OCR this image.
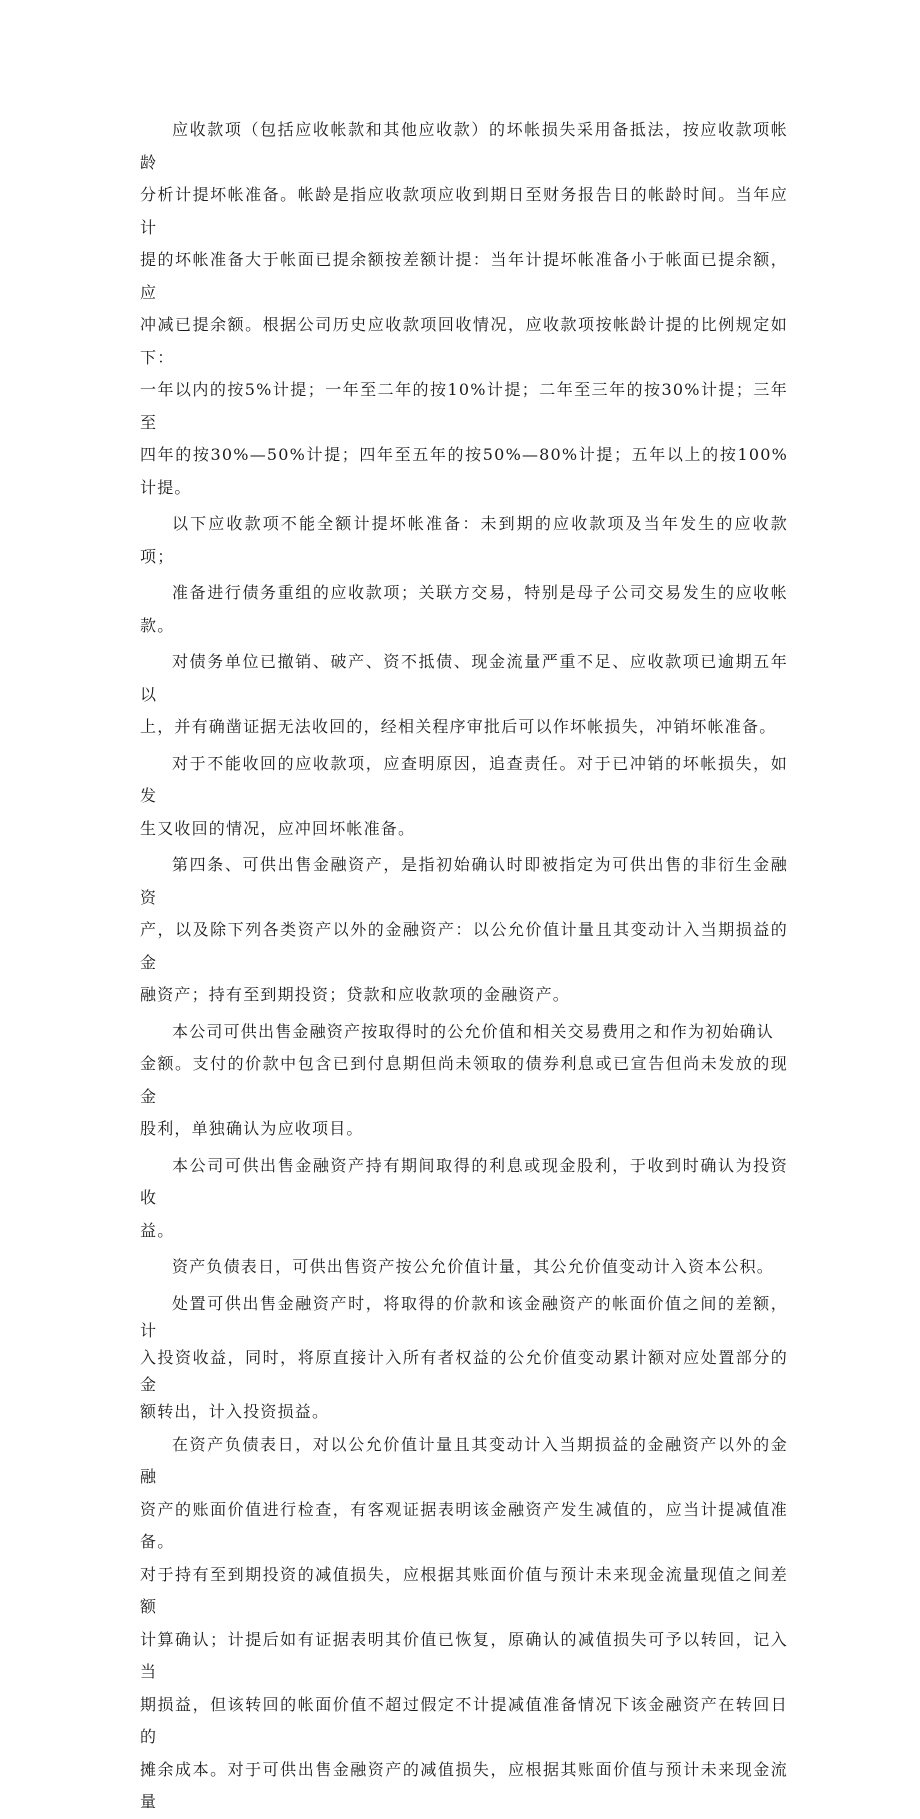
应收款项（包括应收帐款和其他应收款）的坏帐损失采用备抵法，按应收款项帐龄
分析计提坏帐准备。帐龄是指应收款项应收到期日至财务报告日的帐龄时间。当年应计
提的坏帐准备大于帐面已提余额按差额计提：当年计提坏帐准备小于帐面已提余额，应
冲减已提余额。根据公司历史应收款项回收情况，应收款项按帐龄计提的比例规定如下：
一年以内的按5%计提；一年至二年的按10%计提；二年至三年的按30%计提；三年至
四年的按30%—50%计提；四年至五年的按50%—80%计提；五年以上的按100%计提。
以下应收款项不能全额计提坏帐准备：未到期的应收款项及当年发生的应收款项；
准备进行债务重组的应收款项；关联方交易，特别是母子公司交易发生的应收帐款。
对债务单位已撤销、破产、资不抵债、现金流量严重不足、应收款项已逾期五年以
上，并有确凿证据无法收回的，经相关程序审批后可以作坏帐损失，冲销坏帐准备。
对于不能收回的应收款项，应查明原因，追查责任。对于已冲销的坏帐损失，如发
生又收回的情况，应冲回坏帐准备。
第四条、可供出售金融资产，是指初始确认时即被指定为可供出售的非衍生金融资
产，以及除下列各类资产以外的金融资产：以公允价值计量且其变动计入当期损益的金
融资产；持有至到期投资；贷款和应收款项的金融资产。
本公司可供出售金融资产按取得时的公允价值和相关交易费用之和作为初始确认
金额。支付的价款中包含已到付息期但尚未领取的债券利息或已宣告但尚未发放的现金
股利，单独确认为应收项目。
本公司可供出售金融资产持有期间取得的利息或现金股利，于收到时确认为投资收
益。
资产负债表日，可供出售资产按公允价值计量，其公允价值变动计入资本公积。
处置可供出售金融资产时，将取得的价款和该金融资产的帐面价值之间的差额，计
入投资收益，同时，将原直接计入所有者权益的公允价值变动累计额对应处置部分的金
额转出，计入投资损益。
在资产负债表日，对以公允价值计量且其变动计入当期损益的金融资产以外的金融
资产的账面价值进行检查，有客观证据表明该金融资产发生减值的，应当计提减值准备。
对于持有至到期投资的减值损失，应根据其账面价值与预计未来现金流量现值之间差额
计算确认；计提后如有证据表明其价值已恢复，原确认的减值损失可予以转回，记入当
期损益，但该转回的帐面价值不超过假定不计提减值准备情况下该金融资产在转回日的
摊余成本。对于可供出售金融资产的减值损失，应根据其账面价值与预计未来现金流量
